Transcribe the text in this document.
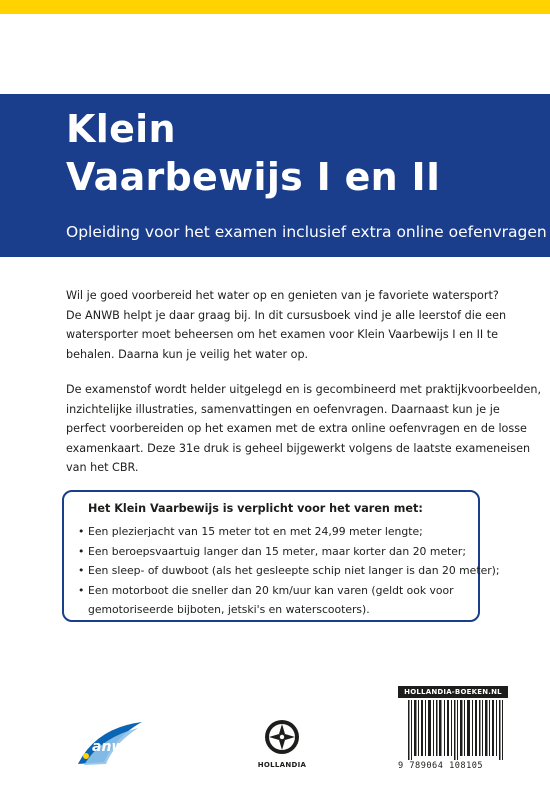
Klein
Vaarbewijs I en II
Opleiding voor het examen inclusief extra online oefenvragen
Wil je goed voorbereid het water op en genieten van je favoriete watersport?
De ANWB helpt je daar graag bij. In dit cursusboek vind je alle leerstof die een
watersporter moet beheersen om het examen voor Klein Vaarbewijs I en II te
behalen. Daarna kun je veilig het water op.
De examenstof wordt helder uitgelegd en is gecombineerd met praktijkvoorbeelden,
inzichtelijke illustraties, samenvattingen en oefenvragen. Daarnaast kun je je
perfect voorbereiden op het examen met de extra online oefenvragen en de losse
examenkaart. Deze 31e druk is geheel bijgewerkt volgens de laatste exameneisen
van het CBR.
Het Klein Vaarbewijs is verplicht voor het varen met:
• Een plezierjacht van 15 meter tot en met 24,99 meter lengte;
• Een beroepsvaartuig langer dan 15 meter, maar korter dan 20 meter;
• Een sleep- of duwboot (als het gesleepte schip niet langer is dan 20 meter);
• Een motorboot die sneller dan 20 km/uur kan varen (geldt ook voor
gemotoriseerde bijboten, jetski's en waterscooters).
anwb
HOLLANDIA
HOLLANDIA-BOEKEN.NL
9 789064 108105
